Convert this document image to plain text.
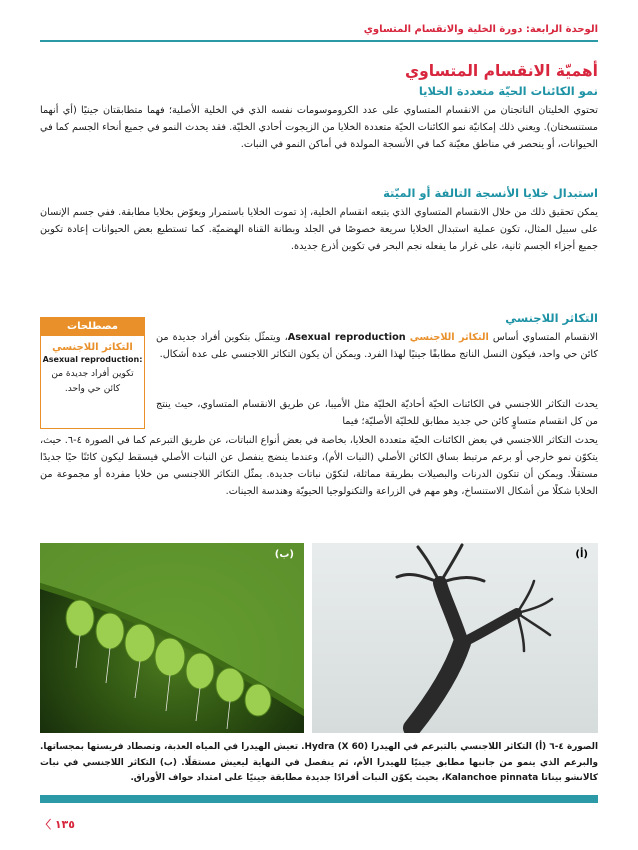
الوحدة الرابعة: دورة الخلية والانقسام المتساوي
أهميّة الانقسام المتساوي
نمو الكائنات الحيّة متعددة الخلايا

تحتوي الخليتان الناتجتان من الانقسام المتساوي على عدد الكروموسومات نفسه الذي في الخلية الأصلية؛ فهما متطابقتان جينيًا (أي أنهما مستنسختان). ويعني ذلك إمكانيّة نمو الكائنات الحيّة متعددة الخلايا من الزيجوت أحادي الخليّة. فقد يحدث النمو في جميع أنحاء الجسم كما في الحيوانات، أو ينحصر في مناطق معيّنة كما في الأنسجة المولدة في أماكن النمو في النبات.

استبدال خلايا الأنسجة التالفة أو الميّتة

يمكن تحقيق ذلك من خلال الانقسام المتساوي الذي يتبعه انقسام الخلية، إذ تموت الخلايا باستمرار ويعوّض بخلايا مطابقة. ففي جسم الإنسان على سبيل المثال، تكون عملية استبدال الخلايا سريعة خصوصًا في الجلد وبطانة القناة الهضميّة. كما تستطيع بعض الحيوانات إعادة تكوين جميع أجزاء الجسم ثانية، على غرار ما يفعله نجم البحر في تكوين أذرع جديدة.

التكاثر اللاجنسي
الانقسام المتساوي أساس التكاثر اللاجنسي Asexual reproduction، ويتمثّل بتكوين أفراد جديدة من كائن حي واحد، فيكون النسل الناتج مطابقًا جينيًا لهذا الفرد. ويمكن أن يكون التكاثر اللاجنسي على عدة أشكال.
يحدث التكاثر اللاجنسي في الكائنات الحيّة أحاديّة الخليّة مثل الأميبا، عن طريق الانقسام المتساوي، حيث ينتج من كل انقسام متساوٍ كائن حي جديد مطابق للخليّة الأصليّة؛ فيما
مصطلحات
التكاثر اللاجنسي
Asexual reproduction:
تكوين أفراد جديدة من كائن حي واحد.

يحدث التكاثر اللاجنسي في بعض الكائنات الحيّة متعددة الخلايا، بخاصة في بعض أنواع النباتات، عن طريق التبرعم كما في الصورة ٤-٦. حيث، يتكوّن نمو خارجي أو برعم مرتبط بساق الكائن الأصلي (النبات الأم)، وعندما ينضج ينفصل عن النبات الأصلي فيسقط ليكون كائنًا حيًا جديدًا مستقلًا. ويمكن أن تتكون الدرنات والبصيلات بطريقة مماثلة، لتكوّن نباتات جديدة. يمثّل التكاثر اللاجنسي من خلايا مفردة أو مجموعة من الخلايا شكلًا من أشكال الاستنساخ، وهو مهم في الزراعة والتكنولوجيا الحيويّة وهندسة الجينات.

(ب)	(أ)
الصورة ٤-٦ (أ) التكاثر اللاجنسي بالتبرعم في الهيدرا (Hydra (X 60. تعيش الهيدرا في المياه العذبة، وتصطاد فريستها بمجساتها. والبرعم الذي ينمو من جانبها مطابق جينيًا للهيدرا الأم، ثم ينفصل في النهاية ليعيش مستقلًا. (ب) التكاثر اللاجنسي في نبات كالانشو بيناتا Kalanchoe pinnata، بحيث يكوّن النبات أفرادًا جديدة مطابقة جينيًا على امتداد حواف الأوراق.
〈 ١٣٥
